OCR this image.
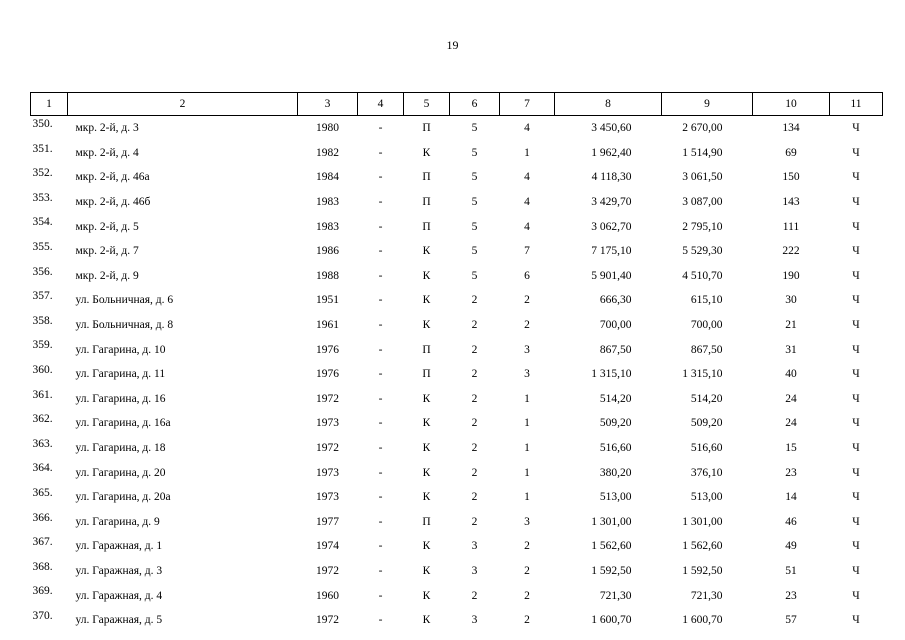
19
1	2	3	4	5	6	7	8	9	10	11
350.	мкр. 2-й, д. 3	1980	-	П	5	4	3 450,60	2 670,00	134	Ч
351.	мкр. 2-й, д. 4	1982	-	К	5	1	1 962,40	1 514,90	69	Ч
352.	мкр. 2-й, д. 46а	1984	-	П	5	4	4 118,30	3 061,50	150	Ч
353.	мкр. 2-й, д. 46б	1983	-	П	5	4	3 429,70	3 087,00	143	Ч
354.	мкр. 2-й, д. 5	1983	-	П	5	4	3 062,70	2 795,10	111	Ч
355.	мкр. 2-й, д. 7	1986	-	К	5	7	7 175,10	5 529,30	222	Ч
356.	мкр. 2-й, д. 9	1988	-	К	5	6	5 901,40	4 510,70	190	Ч
357.	ул. Больничная, д. 6	1951	-	К	2	2	666,30	615,10	30	Ч
358.	ул. Больничная, д. 8	1961	-	К	2	2	700,00	700,00	21	Ч
359.	ул. Гагарина, д. 10	1976	-	П	2	3	867,50	867,50	31	Ч
360.	ул. Гагарина, д. 11	1976	-	П	2	3	1 315,10	1 315,10	40	Ч
361.	ул. Гагарина, д. 16	1972	-	К	2	1	514,20	514,20	24	Ч
362.	ул. Гагарина, д. 16а	1973	-	К	2	1	509,20	509,20	24	Ч
363.	ул. Гагарина, д. 18	1972	-	К	2	1	516,60	516,60	15	Ч
364.	ул. Гагарина, д. 20	1973	-	К	2	1	380,20	376,10	23	Ч
365.	ул. Гагарина, д. 20а	1973	-	К	2	1	513,00	513,00	14	Ч
366.	ул. Гагарина, д. 9	1977	-	П	2	3	1 301,00	1 301,00	46	Ч
367.	ул. Гаражная, д. 1	1974	-	К	3	2	1 562,60	1 562,60	49	Ч
368.	ул. Гаражная, д. 3	1972	-	К	3	2	1 592,50	1 592,50	51	Ч
369.	ул. Гаражная, д. 4	1960	-	К	2	2	721,30	721,30	23	Ч
370.	ул. Гаражная, д. 5	1972	-	К	3	2	1 600,70	1 600,70	57	Ч
